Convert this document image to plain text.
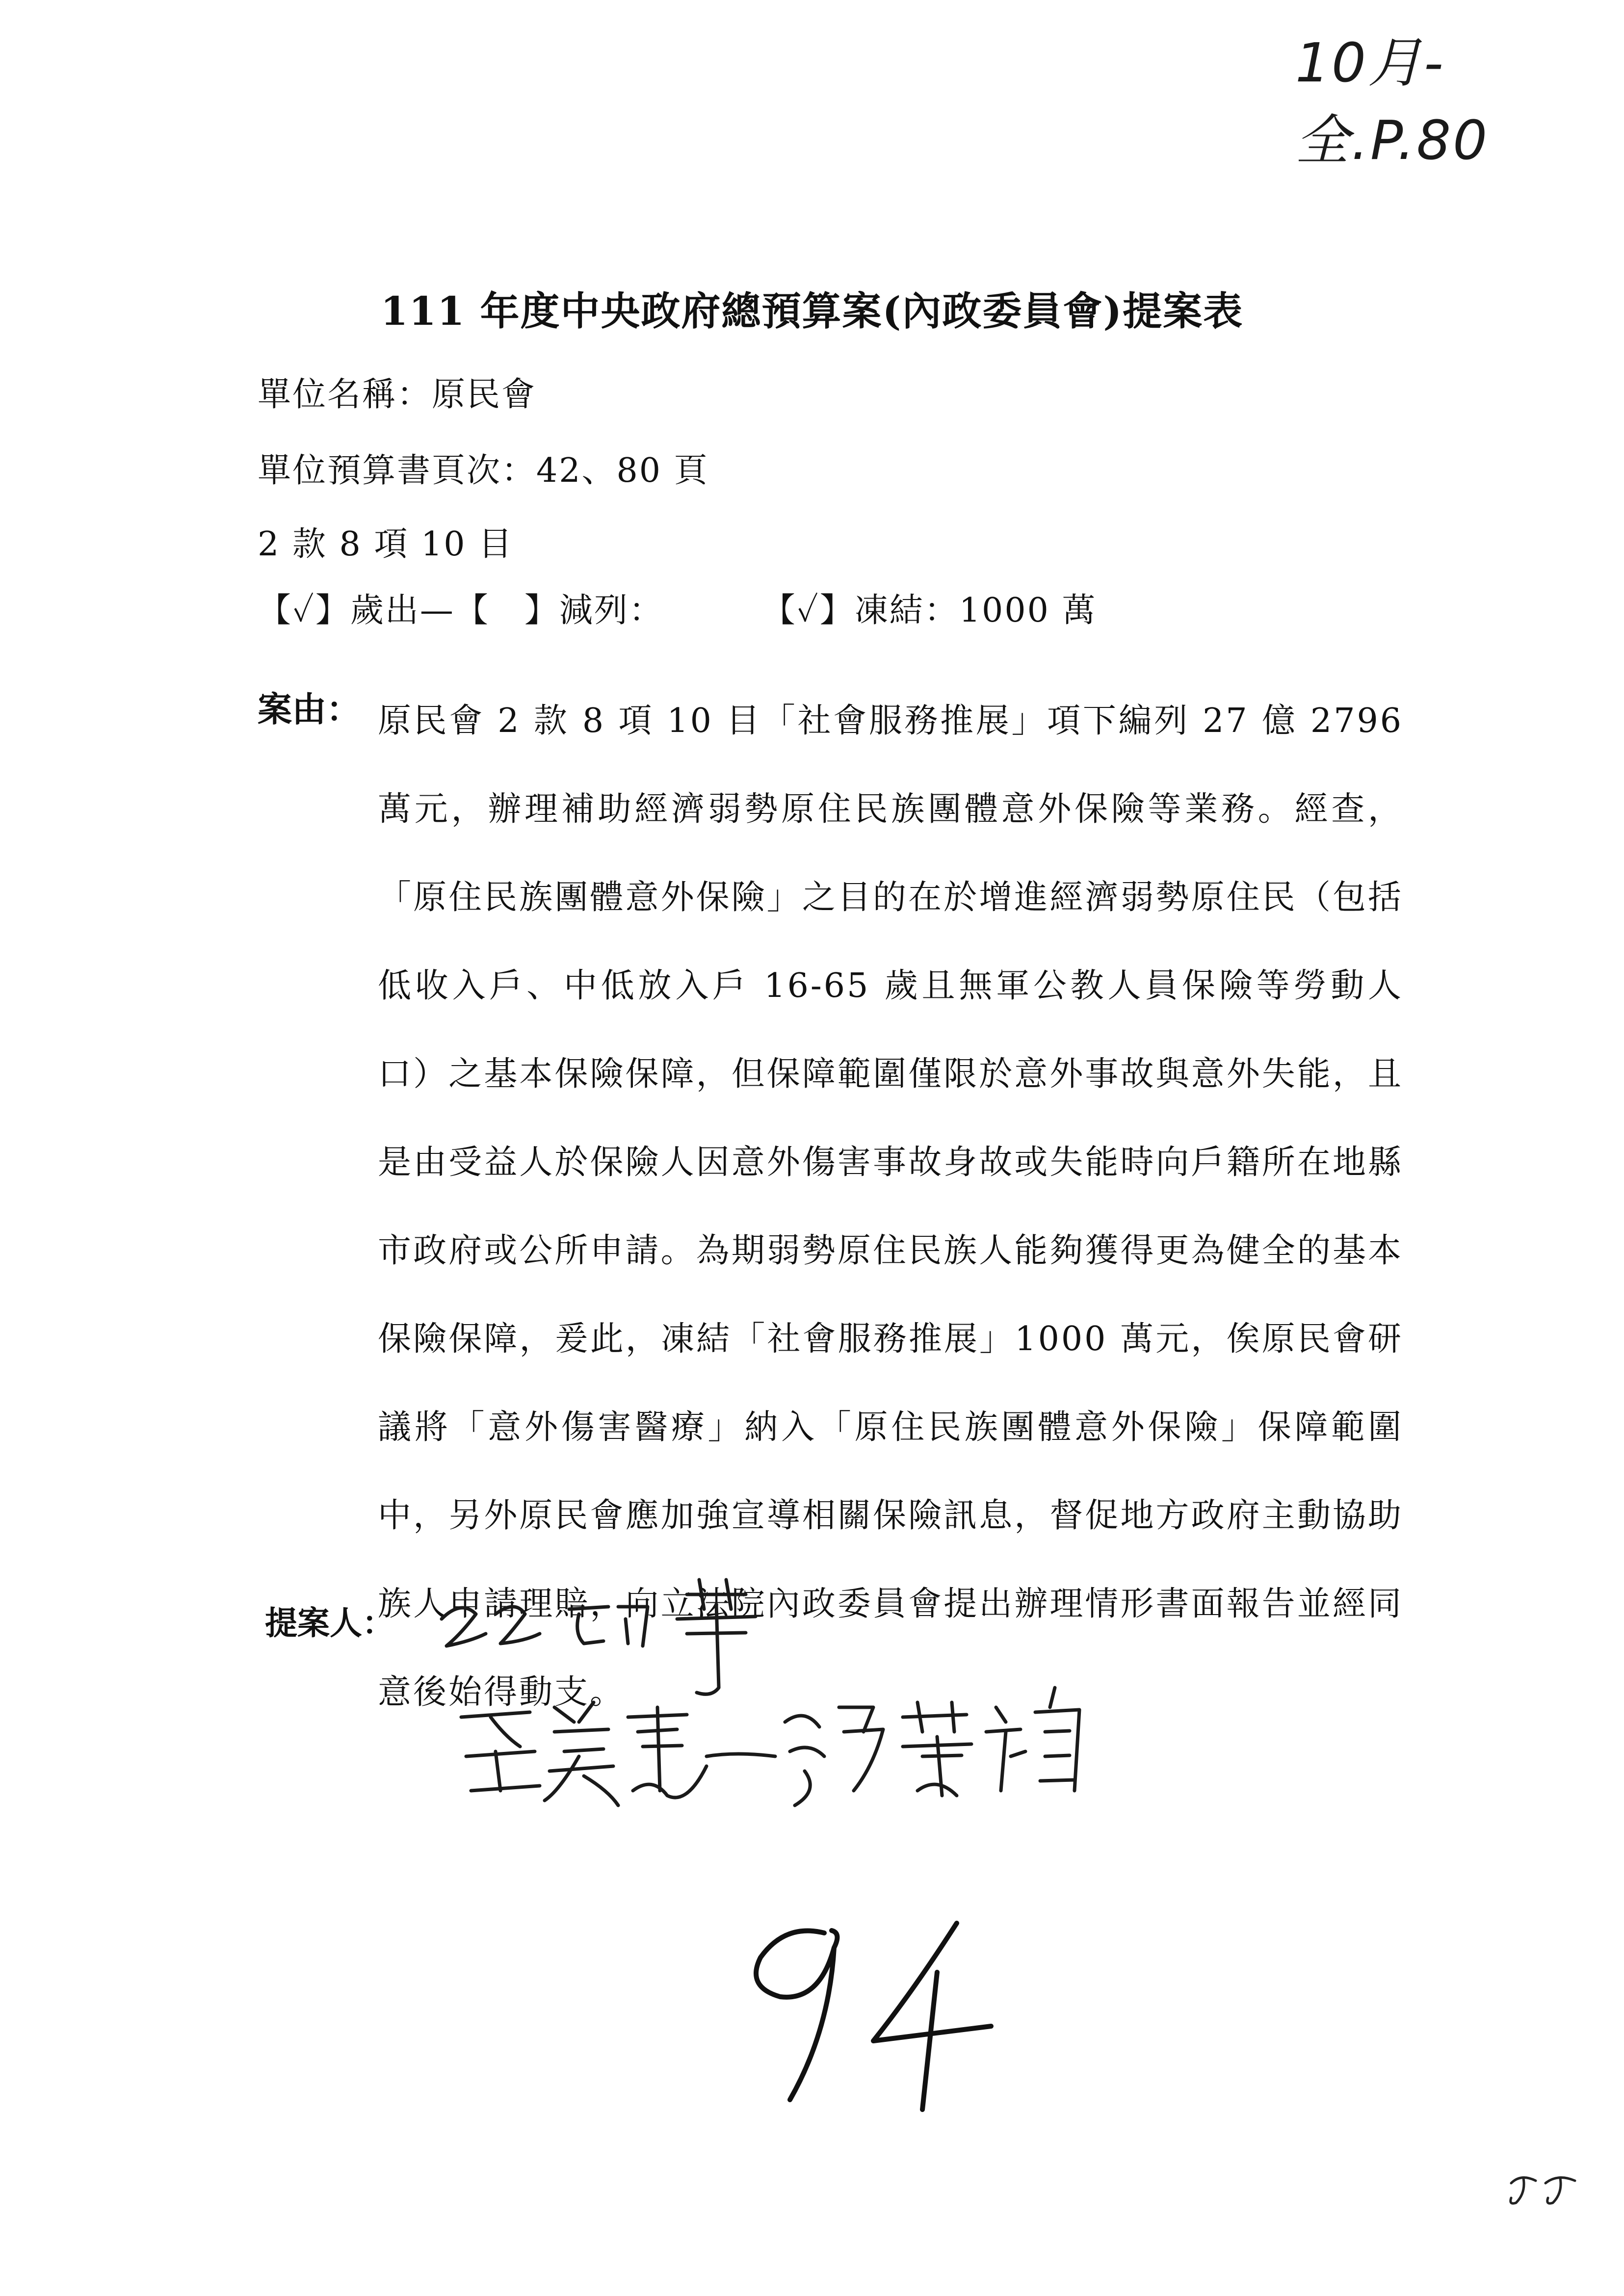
10月-全.P.80
111 年度中央政府總預算案(內政委員會)提案表
單位名稱：原民會
單位預算書頁次：42、80 頁
2 款 8 項 10 目
【✓】歲出—【　】減列：	【✓】凍結：1000 萬
案由： 原民會 2 款 8 項 10 目「社會服務推展」項下編列 27 億 2796 萬元，辦理補助經濟弱勢原住民族團體意外保險等業務。經查，「原住民族團體意外保險」之目的在於增進經濟弱勢原住民（包括低收入戶、中低放入戶 16-65 歲且無軍公教人員保險等勞動人口）之基本保險保障，但保障範圍僅限於意外事故與意外失能，且是由受益人於保險人因意外傷害事故身故或失能時向戶籍所在地縣市政府或公所申請。為期弱勢原住民族人能夠獲得更為健全的基本保險保障，爰此，凍結「社會服務推展」1000 萬元，俟原民會研議將「意外傷害醫療」納入「原住民族團體意外保險」保障範圍中，另外原民會應加強宣導相關保險訊息，督促地方政府主動協助族人申請理賠，向立法院內政委員會提出辦理情形書面報告並經同意後始得動支。
提案人：
94
55
